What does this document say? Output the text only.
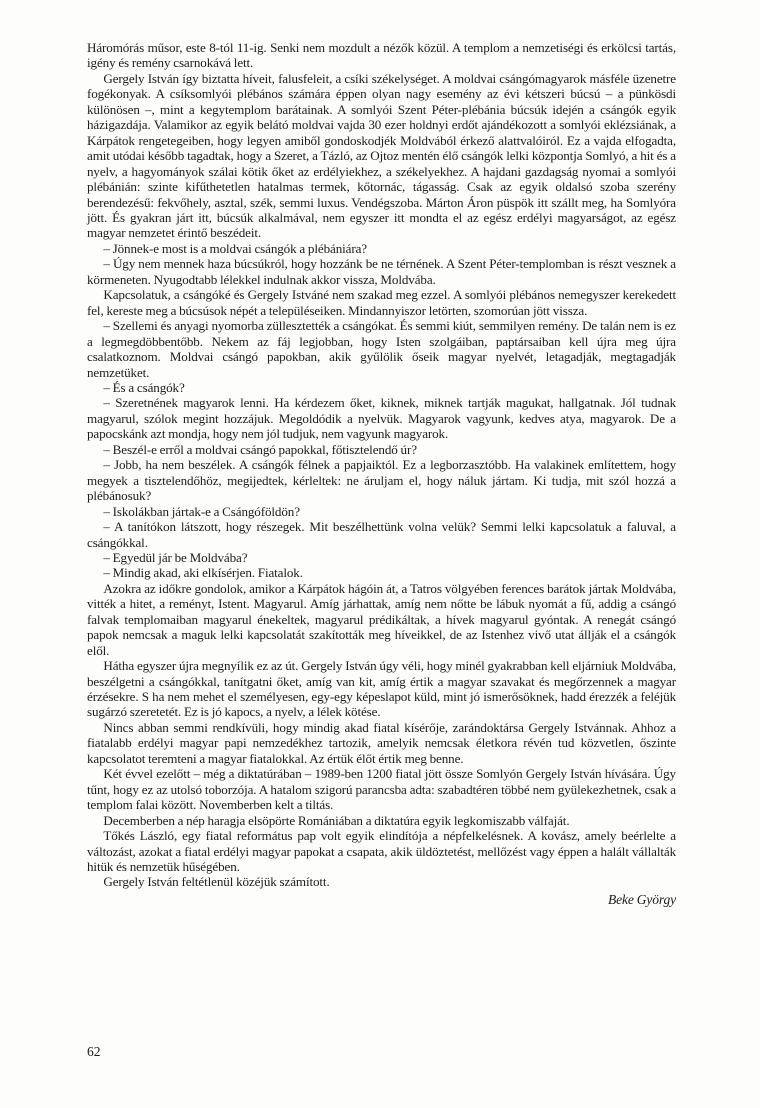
Háromórás műsor, este 8-tól 11-ig. Senki nem mozdult a nézők közül. A templom a nemzetiségi és erkölcsi tartás, igény és remény csarnokává lett.

Gergely István így biztatta híveit, falusfeleit, a csíki székelységet. A moldvai csángómagyarok másféle üzenetre fogékonyak. A csíksomlyói plébános számára éppen olyan nagy esemény az évi kétszeri búcsú – a pünkösdi különösen –, mint a kegytemplom barátainak. A somlyói Szent Péter-plébánia búcsúk idején a csángók egyik házigazdája. Valamikor az egyik belátó moldvai vajda 30 ezer holdnyi erdőt ajándékozott a somlyói eklézsiának, a Kárpátok rengetegeiben, hogy legyen amiből gondoskodjék Moldvából érkező alattvalóiról. Ez a vajda elfogadta, amit utódai később tagadtak, hogy a Szeret, a Tázló, az Ojtoz mentén élő csángók lelki központja Somlyó, a hit és a nyelv, a hagyományok szálai kötik őket az erdélyiekhez, a székelyekhez. A hajdani gazdagság nyomai a somlyói plébánián: szinte kifűthetetlen hatalmas termek, kőtornác, tágasság. Csak az egyik oldalsó szoba szerény berendezésű: fekvőhely, asztal, szék, semmi luxus. Vendégszoba. Márton Áron püspök itt szállt meg, ha Somlyóra jött. És gyakran járt itt, búcsúk alkalmával, nem egyszer itt mondta el az egész erdélyi magyarságot, az egész magyar nemzetet érintő beszédeit.

– Jönnek-e most is a moldvai csángók a plébániára?

– Úgy nem mennek haza búcsúkról, hogy hozzánk be ne térnének. A Szent Péter-templomban is részt vesznek a körmeneten. Nyugodtabb lélekkel indulnak akkor vissza, Moldvába.

Kapcsolatuk, a csángóké és Gergely Istváné nem szakad meg ezzel. A somlyói plébános nemegyszer kerekedett fel, kereste meg a búcsúsok népét a településeiken. Mindannyiszor letörten, szomorúan jött vissza.

– Szellemi és anyagi nyomorba züllesztették a csángókat. És semmi kiút, semmilyen remény. De talán nem is ez a legmegdöbbentőbb. Nekem az fáj legjobban, hogy Isten szolgáiban, paptársaiban kell újra meg újra csalatkoznom. Moldvai csángó papokban, akik gyűlölik őseik magyar nyelvét, letagadják, megtagadják nemzetüket.

– És a csángók?

– Szeretnének magyarok lenni. Ha kérdezem őket, kiknek, miknek tartják magukat, hallgatnak. Jól tudnak magyarul, szólok megint hozzájuk. Megoldódik a nyelvük. Magyarok vagyunk, kedves atya, magyarok. De a papocskánk azt mondja, hogy nem jól tudjuk, nem vagyunk magyarok.

– Beszél-e erről a moldvai csángó papokkal, főtisztelendő úr?

– Jobb, ha nem beszélek. A csángók félnek a papjaiktól. Ez a legborzasztóbb. Ha valakinek említettem, hogy megyek a tisztelendőhöz, megijedtek, kérleltek: ne áruljam el, hogy náluk jártam. Ki tudja, mit szól hozzá a plébánosuk?

– Iskolákban jártak-e a Csángóföldön?

– A tanítókon látszott, hogy részegek. Mit beszélhettünk volna velük? Semmi lelki kapcsolatuk a faluval, a csángókkal.

– Egyedül jár be Moldvába?

– Mindig akad, aki elkísérjen. Fiatalok.

Azokra az időkre gondolok, amikor a Kárpátok hágóin át, a Tatros völgyében ferences barátok jártak Moldvába, vitték a hitet, a reményt, Istent. Magyarul. Amíg járhattak, amíg nem nőtte be lábuk nyomát a fű, addig a csángó falvak templomaiban magyarul énekeltek, magyarul prédikáltak, a hívek magyarul gyóntak. A renegát csángó papok nemcsak a maguk lelki kapcsolatát szakították meg híveikkel, de az Istenhez vivő utat állják el a csángók elől.

Hátha egyszer újra megnyílik ez az út. Gergely István úgy véli, hogy minél gyakrabban kell eljárniuk Moldvába, beszélgetni a csángókkal, tanítgatni őket, amíg van kit, amíg értik a magyar szavakat és megőrzennek a magyar érzésekre. S ha nem mehet el személyesen, egy-egy képeslapot küld, mint jó ismerősöknek, hadd érezzék a feléjük sugárzó szeretetét. Ez is jó kapocs, a nyelv, a lélek kötése.

Nincs abban semmi rendkívüli, hogy mindig akad fiatal kísérője, zarándoktársa Gergely Istvánnak. Ahhoz a fiatalabb erdélyi magyar papi nemzedékhez tartozik, amelyik nemcsak életkora révén tud közvetlen, őszinte kapcsolatot teremteni a magyar fiatalokkal. Az értük élőt értik meg benne.

Két évvel ezelőtt – még a diktatúrában – 1989-ben 1200 fiatal jött össze Somlyón Gergely István hívására. Úgy tűnt, hogy ez az utolsó toborzója. A hatalom szigorú parancsba adta: szabadtéren többé nem gyülekezhetnek, csak a templom falai között. Novemberben kelt a tiltás.

Decemberben a nép haragja elsöpörte Romániában a diktatúra egyik legkomiszabb válfaját.

Tőkés László, egy fiatal református pap volt egyik elindítója a népfelkelésnek. A kovász, amely beérlelte a változást, azokat a fiatal erdélyi magyar papokat a csapata, akik üldöztetést, mellőzést vagy éppen a halált vállalták hitük és nemzetük hűségében.

Gergely István feltétlenül közéjük számított.

Beke György
62
